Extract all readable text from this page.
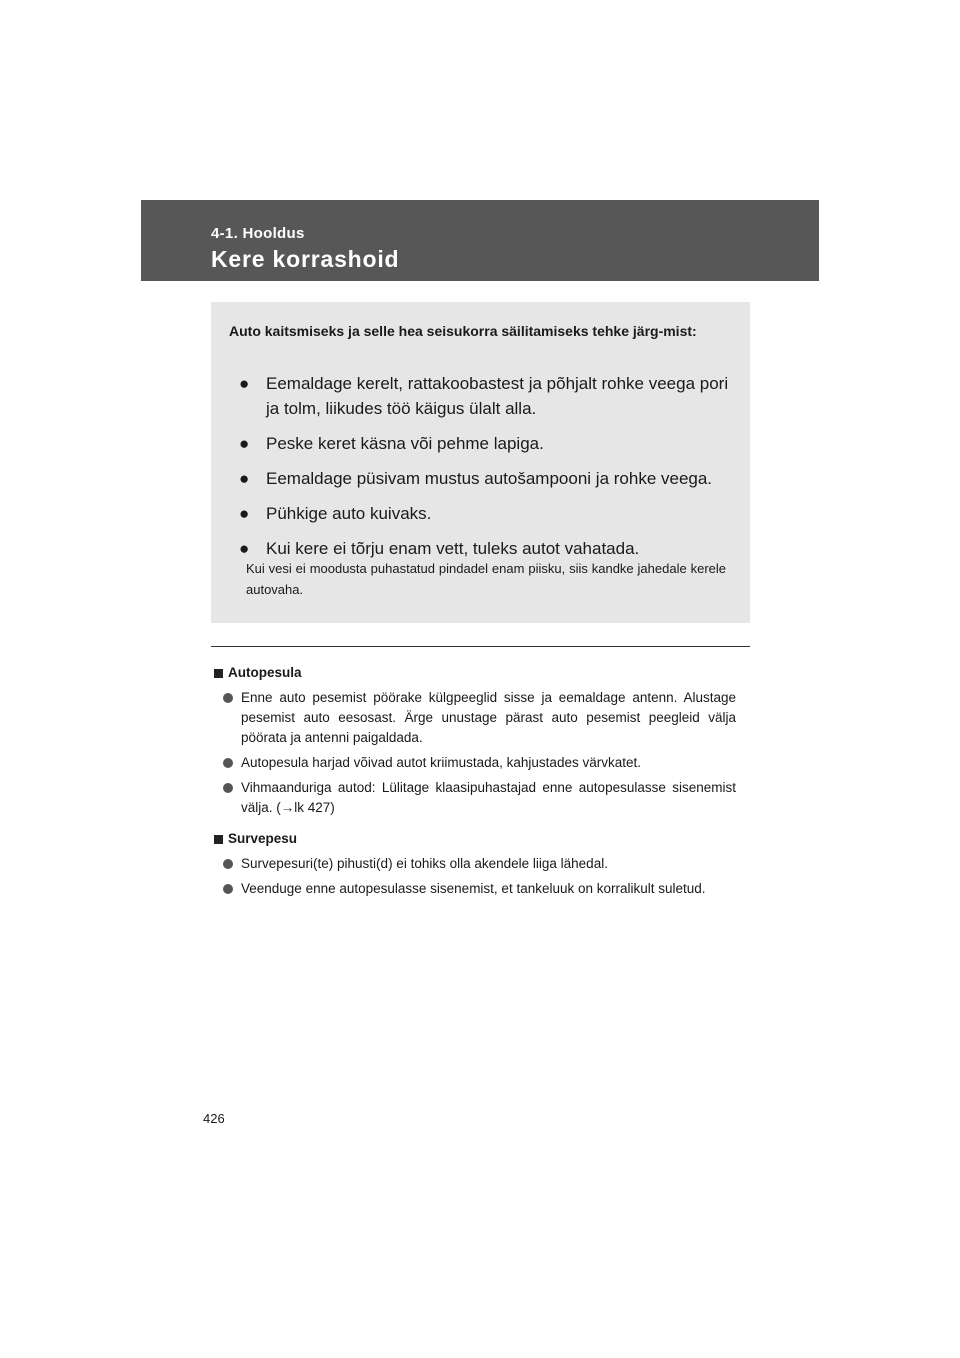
4-1. Hooldus
Kere korrashoid
Auto kaitsmiseks ja selle hea seisukorra säilitamiseks tehke järg-mist:
● Eemaldage kerelt, rattakoobastest ja põhjalt rohke veega pori ja tolm, liikudes töö käigus ülalt alla.
● Peske keret käsna või pehme lapiga.
● Eemaldage püsivam mustus autošampooni ja rohke veega.
● Pühkige auto kuivaks.
● Kui kere ei tõrju enam vett, tuleks autot vahatada.
Kui vesi ei moodusta puhastatud pindadel enam piisku, siis kandke jahedale kerele autovaha.
Autopesula
Enne auto pesemist pöörake külgpeeglid sisse ja eemaldage antenn. Alustage pesemist auto eesosast. Ärge unustage pärast auto pesemist peegleid välja pöörata ja antenni paigaldada.
Autopesula harjad võivad autot kriimustada, kahjustades värvkatet.
Vihmaanduriga autod: Lülitage klaasipuhastajad enne autopesulasse sisenemist välja. (→lk 427)
Survepesu
Survepesuri(te) pihusti(d) ei tohiks olla akendele liiga lähedal.
Veenduge enne autopesulasse sisenemist, et tankeluuk on korralikult suletud.
426
